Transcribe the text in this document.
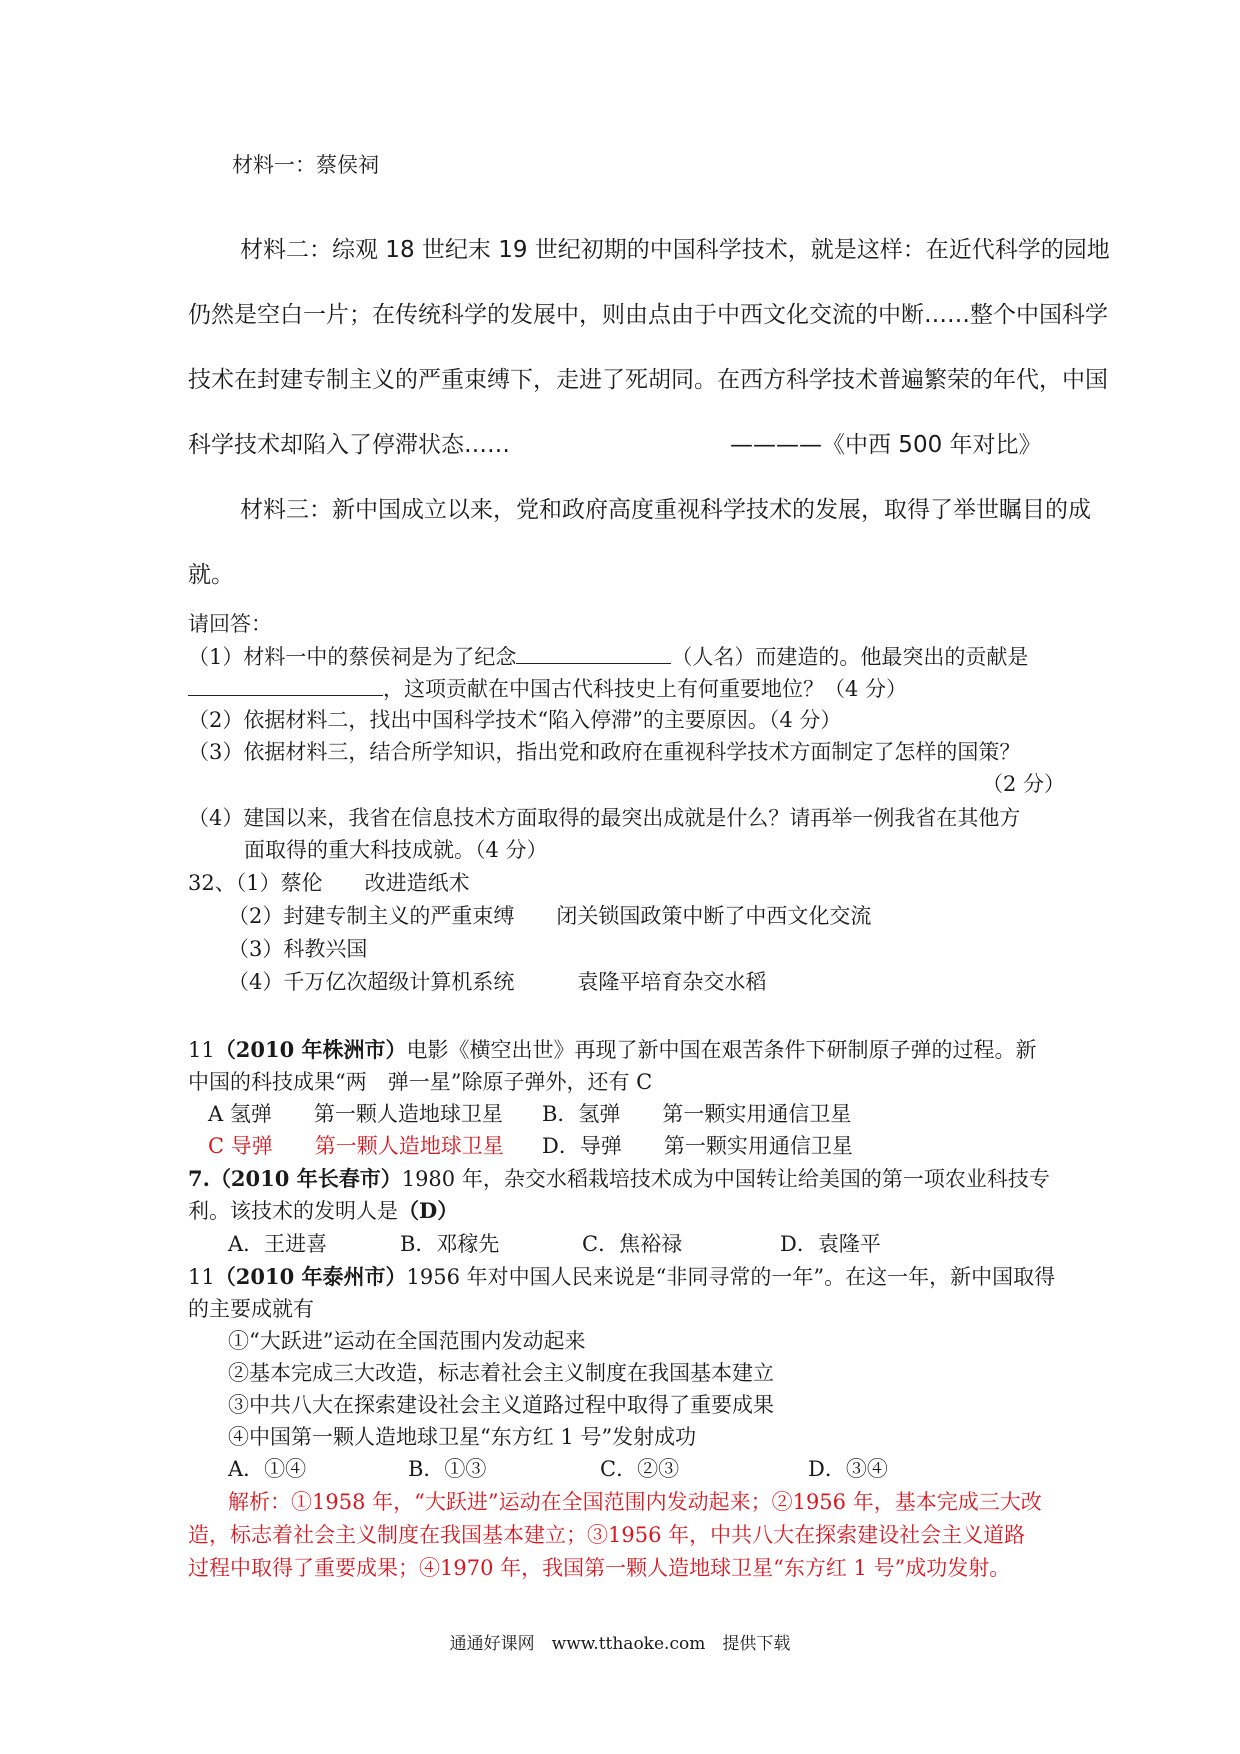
材料一：蔡侯祠
材料二：综观 18 世纪末 19 世纪初期的中国科学技术，就是这样：在近代科学的园地
仍然是空白一片；在传统科学的发展中，则由点由于中西文化交流的中断……整个中国科学
技术在封建专制主义的严重束缚下，走进了死胡同。在西方科学技术普遍繁荣的年代，中国
科学技术却陷入了停滞状态……	————《中西 500 年对比》
材料三：新中国成立以来，党和政府高度重视科学技术的发展，取得了举世瞩目的成
就。
请回答：
（1）材料一中的蔡侯祠是为了纪念	（人名）而建造的。他最突出的贡献是
，这项贡献在中国古代科技史上有何重要地位？（4 分）
（2）依据材料二，找出中国科学技术“陷入停滞”的主要原因。（4 分）
（3）依据材料三，结合所学知识，指出党和政府在重视科学技术方面制定了怎样的国策？
（2 分）
（4）建国以来，我省在信息技术方面取得的最突出成就是什么？请再举一例我省在其他方
面取得的重大科技成就。（4 分）
32、（1）蔡伦　　改进造纸术
（2）封建专制主义的严重束缚　　闭关锁国政策中断了中西文化交流
（3）科教兴国
（4）千万亿次超级计算机系统　　　袁隆平培育杂交水稻
11（2010 年株洲市）电影《横空出世》再现了新中国在艰苦条件下研制原子弹的过程。新
中国的科技成果“两　弹一星”除原子弹外，还有 C
A 氢弹　　第一颗人造地球卫星 B．氢弹　　第一颗实用通信卫星
C 导弹　　第一颗人造地球卫星 D．导弹　　第一颗实用通信卫星
7.（2010 年长春市）1980 年，杂交水稻栽培技术成为中国转让给美国的第一项农业科技专
利。该技术的发明人是（D）
A．王进喜	B．邓稼先	C．焦裕禄	D．袁隆平
11（2010 年泰州市）1956 年对中国人民来说是“非同寻常的一年”。在这一年，新中国取得
的主要成就有
①“大跃进”运动在全国范围内发动起来
②基本完成三大改造，标志着社会主义制度在我国基本建立
③中共八大在探索建设社会主义道路过程中取得了重要成果
④中国第一颗人造地球卫星“东方红 1 号”发射成功
A．①④	B．①③	C．②③	D．③④
解析：①1958 年，“大跃进”运动在全国范围内发动起来；②1956 年，基本完成三大改
造，标志着社会主义制度在我国基本建立；③1956 年，中共八大在探索建设社会主义道路
过程中取得了重要成果；④1970 年，我国第一颗人造地球卫星“东方红 1 号”成功发射。
通通好课网　www.tthaoke.com　提供下载
